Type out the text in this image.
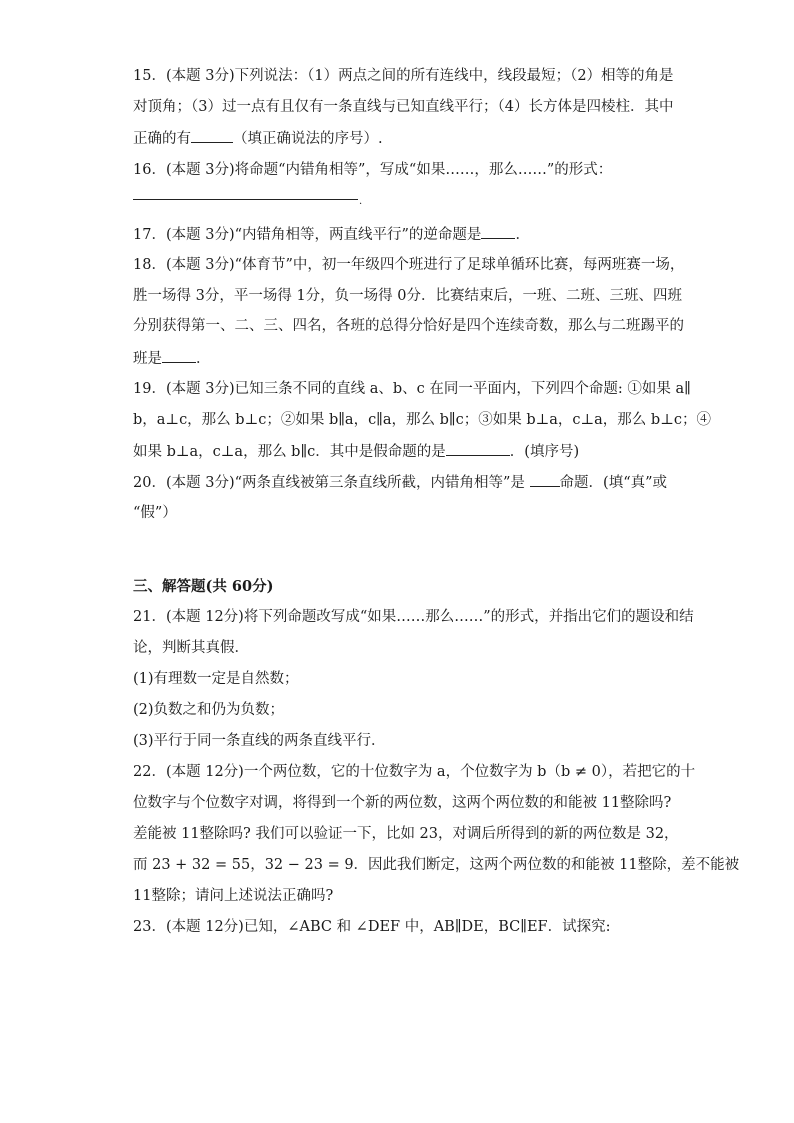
15．(本题 3分)下列说法：（1）两点之间的所有连线中，线段最短；（2）相等的角是
对顶角；（3）过一点有且仅有一条直线与已知直线平行；（4）长方体是四棱柱．其中
正确的有	（填正确说法的序号）.
16．(本题 3分)将命题“内错角相等”，写成“如果……，那么……”的形式：
.
17．(本题 3分)“内错角相等，两直线平行”的逆命题是 ．
18．(本题 3分)“体育节”中，初一年级四个班进行了足球单循环比赛，每两班赛一场，
胜一场得 3分，平一场得 1分，负一场得 0分．比赛结束后，一班、二班、三班、四班
分别获得第一、二、三、四名，各班的总得分恰好是四个连续奇数，那么与二班踢平的
班是 ．
19．(本题 3分)已知三条不同的直线 a、b、c 在同一平面内，下列四个命题: ①如果 a∥
b，a⊥c，那么 b⊥c；②如果 b∥a，c∥a，那么 b∥c；③如果 b⊥a，c⊥a，那么 b⊥c；④
如果 b⊥a，c⊥a，那么 b∥c．其中是假命题的是	．(填序号)
20．(本题 3分)“两条直线被第三条直线所截，内错角相等”是 命题．(填“真”或
“假”）
三、解答题(共 60分)
21．(本题 12分)将下列命题改写成“如果……那么……”的形式，并指出它们的题设和结
论，判断其真假．
(1)有理数一定是自然数；
(2)负数之和仍为负数；
(3)平行于同一条直线的两条直线平行．
22．(本题 12分)一个两位数，它的十位数字为 a，个位数字为 b（b ≠ 0），若把它的十
位数字与个位数字对调，将得到一个新的两位数，这两个两位数的和能被 11整除吗?
差能被 11整除吗? 我们可以验证一下，比如 23，对调后所得到的新的两位数是 32，
而 23 + 32 = 55，32 − 23 = 9．因此我们断定，这两个两位数的和能被 11整除，差不能被
11整除；请问上述说法正确吗?
23．(本题 12分)已知，∠ABC 和 ∠DEF 中，AB∥DE，BC∥EF．试探究:
